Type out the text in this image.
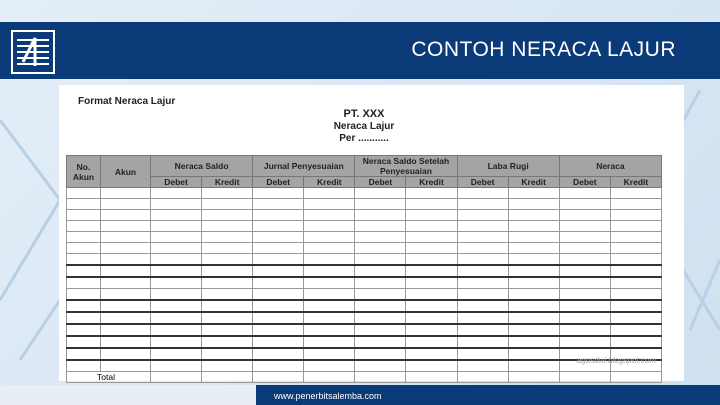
CONTOH NERACA LAJUR
Format Neraca Lajur
PT. XXX
Neraca Lajur
Per ...........
No. Akun	Akun	Neraca Saldo		Jurnal Penyesuaian		Neraca Saldo Setelah Penyesuaian		Laba Rugi		Neraca	
		Debet	Kredit	Debet	Kredit	Debet	Kredit	Debet	Kredit	Debet	Kredit

Total											
agusdwi.blogspot.com
www.penerbitsalemba.com
